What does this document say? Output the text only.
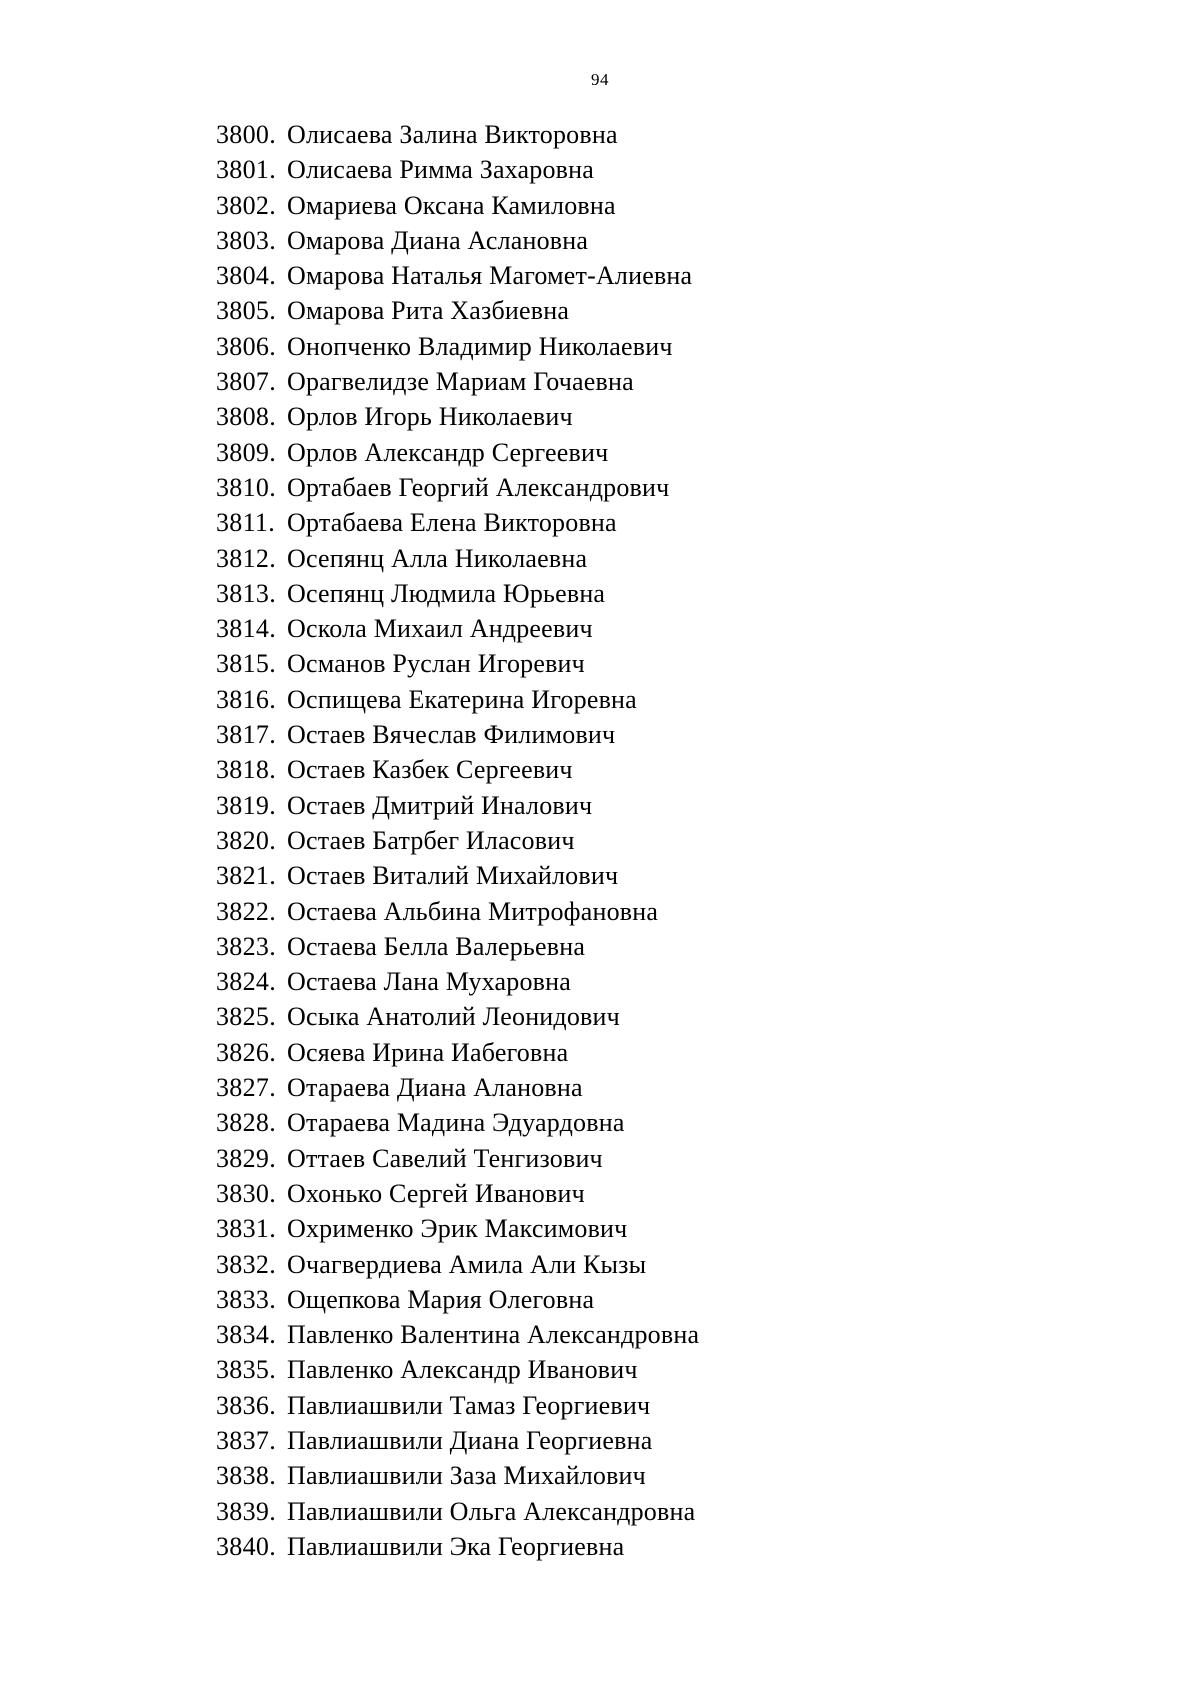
94
3800. Олисаева Залина Викторовна
3801. Олисаева Римма Захаровна
3802. Омариева Оксана Камиловна
3803. Омарова Диана Аслановна
3804. Омарова Наталья Магомет-Алиевна
3805. Омарова Рита Хазбиевна
3806. Онопченко Владимир Николаевич
3807. Орагвелидзе Мариам Гочаевна
3808. Орлов Игорь Николаевич
3809. Орлов Александр Сергеевич
3810. Ортабаев Георгий Александрович
3811. Ортабаева Елена Викторовна
3812. Осепянц Алла Николаевна
3813. Осепянц Людмила Юрьевна
3814. Оскола Михаил Андреевич
3815. Османов Руслан Игоревич
3816. Оспищева Екатерина Игоревна
3817. Остаев Вячеслав Филимович
3818. Остаев Казбек Сергеевич
3819. Остаев Дмитрий Иналович
3820. Остаев Батрбег Иласович
3821. Остаев Виталий Михайлович
3822. Остаева Альбина Митрофановна
3823. Остаева Белла Валерьевна
3824. Остаева Лана Мухаровна
3825. Осыка Анатолий Леонидович
3826. Осяева Ирина Иабеговна
3827. Отараева Диана Алановна
3828. Отараева Мадина Эдуардовна
3829. Оттаев Савелий Тенгизович
3830. Охонько Сергей Иванович
3831. Охрименко Эрик Максимович
3832. Очагвердиева Амила Али Кызы
3833. Ощепкова Мария Олеговна
3834. Павленко Валентина Александровна
3835. Павленко Александр Иванович
3836. Павлиашвили Тамаз Георгиевич
3837. Павлиашвили Диана Георгиевна
3838. Павлиашвили Заза Михайлович
3839. Павлиашвили Ольга Александровна
3840. Павлиашвили Эка Георгиевна
